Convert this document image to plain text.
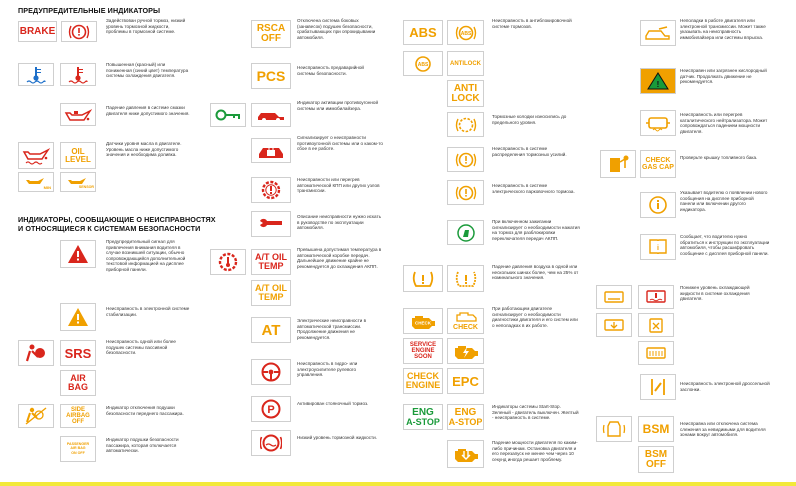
ПРЕДУПРЕДИТЕЛЬНЫЕ ИНДИКАТОРЫ
BRAKE
Задействован ручной тормоз, низкий уровень тормозной жидкости, проблемы в тормозной системе.
Повышенная (красный) или пониженная (синий цвет) температура системы охлаждения двигателя.
Падение давления в системе смазки двигателя ниже допустимого значения.
OIL
LEVEL
MIN	SENSOR
Датчики уровня масла в двигателе. Уровень масла ниже допустимого значения и необходима доливка.
ИНДИКАТОРЫ, СООБЩАЮЩИЕ О НЕИСПРАВНОСТЯХ
И ОТНОСЯЩИЕСЯ К СИСТЕМАМ БЕЗОПАСНОСТИ
Предупредительный сигнал для привлечения внимания водителя в случае возникшей ситуации, обычно сопровождающийся дополнительной текстовой информацией на дисплее приборной панели.
Неисправность в электронной системе стабилизации.
SRS
AIR
BAG
Неисправность одной или более подушек системы пассивной безопасности.
SIDE
AIRBAG
OFF
Индикатор отключения подушки безопасности переднего пассажира.
PASSENGER
AIR BAG
ON OFF
Индикатор подушки безопасности пассажира, которая отключается автоматически.
RSCA
OFF
Отключена система боковых (занавесок) подушек безопасности, срабатывающих при опрокидывании автомобиля.
PCS
Неисправность предаварийной системы безопасности.
Индикатор активации противоугонной системы или иммобилайзера.
Сигнализирует о неисправности противоугонной системы или о каком-то сбое в ее работе.
Неисправности или перегрев автоматической КПП или других узлов трансмиссии.
Описание неисправности нужно искать в руководстве по эксплуатации автомобиля.
A/T OIL
TEMP
A/T OIL
TEMP
Превышена допустимая температура в автоматической коробке передач. Дальнейшее движение крайне не рекомендуется до охлаждения АКПП.
AT
Электрические неисправности в автоматической трансмиссии. Продолжение движения не рекомендуется.
Неисправность в гидро- или электроусилителе рулевого управления.
P
Активирован стояночный тормоз.
Низкий уровень тормозной жидкости.
ABS	ABS
ABS	ANTILOCK
ANTI
LOCK
Неисправность в антиблокировочной системе тормозов.
Тормозные колодки износились до предельного уровня.
Неисправность в системе распределения тормозных усилий.
Неисправность в системе электрического парковочного тормоза.
При включенном зажигании сигнализирует о необходимости нажатия на тормоз для разблокировки переключателя передач АКПП.
Падение давления воздуха в одной или нескольких шинах более, чем на 25% от номинального значения.
CHECK
CHECK
SERVICE
ENGINE
SOON
CHECK
ENGINE EPC
При работающем двигателе сигнализирует о необходимости диагностики двигателя и его систем или о неполадках в их работе.
ENG
A-STOP
ENG
A-STOP
Индикаторы системы Start-Stop. Зеленый - двигатель выключен. Желтый - неисправность в системе.
Падение мощности двигателя по каким-либо причинам. Остановка двигателя и его перезапуск не менее чем через 10 секунд иногда решает проблему.
Неполадки в работе двигателя или электронной трансмиссии. Может также указывать на неисправность иммобилайзера или системы впрыска.
!
Неисправен или загрязнен кислородный датчик. Продолжать движение не рекомендуется.
Неисправность или перегрев каталитического нейтрализатора. Может сопровождаться падением мощности двигателя.
CHECK
GAS CAP
Проверьте крышку топливного бака.
Указывает водителю о появлении нового сообщения на дисплее приборной панели или включении другого индикатора.
i
Сообщает, что водителю нужно обратиться к инструкции по эксплуатации автомобиля, чтобы расшифровать сообщение с дисплея приборной панели.
Понижен уровень охлаждающей жидкости в системе охлаждения двигателя.
Неисправность электронной дроссельной заслонки.
BSM
BSM
OFF
Неисправна или отключена система слежения за невидимыми для водителя зонами вокруг автомобиля.
